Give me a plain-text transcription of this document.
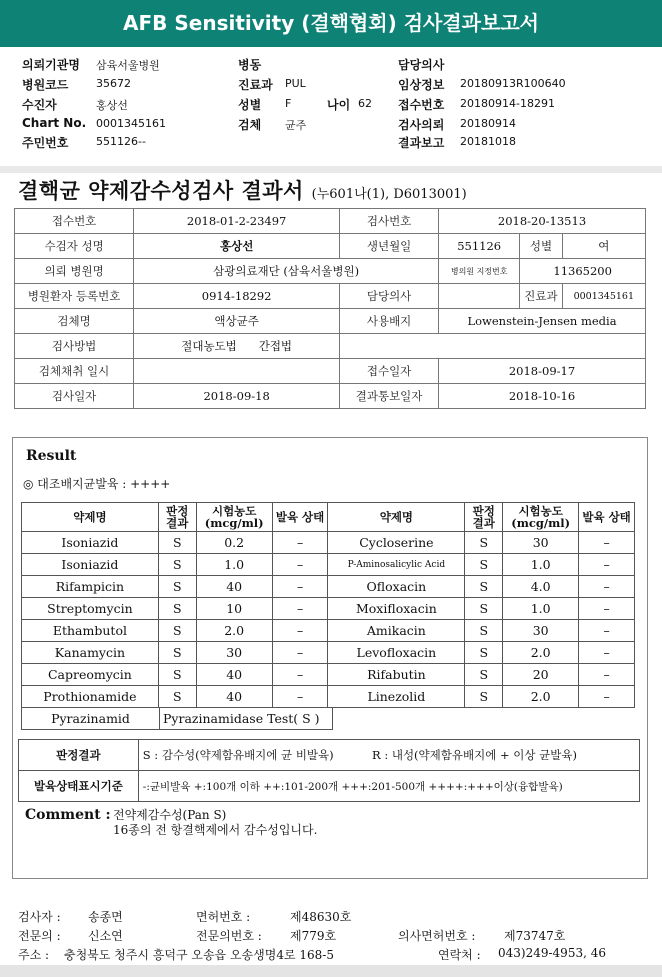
AFB Sensitivity (결핵협회) 검사결과보고서
의뢰기관명 삼육서울병원
병원코드	35672
수진자	홍상선
Chart No. 0001345161
주민번호	551126--
병동
진료과 PUL
성별 F	나이 62
검체 균주
담당의사
임상정보 20180913R100640
접수번호 20180914-18291
검사의뢰 20180914
결과보고 20181018
결핵균 약제감수성검사 결과서 (누601나(1), D6013001)
접수번호	2018-01-2-23497	검사번호	2018-20-13513		
수검자 성명	홍상선	생년월일	551126	성별	여
의뢰 병원명	삼광의료재단 (삼육서울병원)		병의원 지정번호	11365200	
병원환자 등록번호	0914-18292	담당의사		진료과	0001345161
검체명	액상균주	사용배지	Lowenstein-Jensen media		
검사방법	절대농도법 간접법				
검체채취 일시		접수일자	2018-09-17		
검사일자	2018-09-18	결과통보일자	2018-10-16		
Result
◎ 대조배지균발육 : ++++
약제명	판정 결과	시험농도 (mcg/ml)	발육 상태	약제명	판정 결과	시험농도 (mcg/ml)	발육 상태
Isoniazid	S	0.2	–	Cycloserine	S	30	–
Isoniazid	S	1.0	–	P-Aminosalicylic Acid	S	1.0	–
Rifampicin	S	40	–	Ofloxacin	S	4.0	–
Streptomycin	S	10	–	Moxifloxacin	S	1.0	–
Ethambutol	S	2.0	–	Amikacin	S	30	–
Kanamycin	S	30	–	Levofloxacin	S	2.0	–
Capreomycin	S	40	–	Rifabutin	S	20	–
Prothionamide	S	40	–	Linezolid	S	2.0	–
Pyrazinamid	Pyrazinamidase Test( S )
판정결과	S : 감수성(약제함유배지에 균 비발육)	R : 내성(약제함유배지에 + 이상 균발육)
발육상태표시기준	-:균비발육 +:100개 이하 ++:101-200개 +++:201-500개 ++++:+++이상(융합발육)	
Comment : 전약제감수성(Pan S)
16종의 전 항결핵제에서 감수성입니다.
검사자 : 송종면	면허번호 :	제48630호
전문의 : 신소연	전문의번호 : 제779호	의사면허번호 : 제73747호
주소 : 충청북도 청주시 흥덕구 오송읍 오송생명4로 168-5	연락처 : 043)249-4953, 46
